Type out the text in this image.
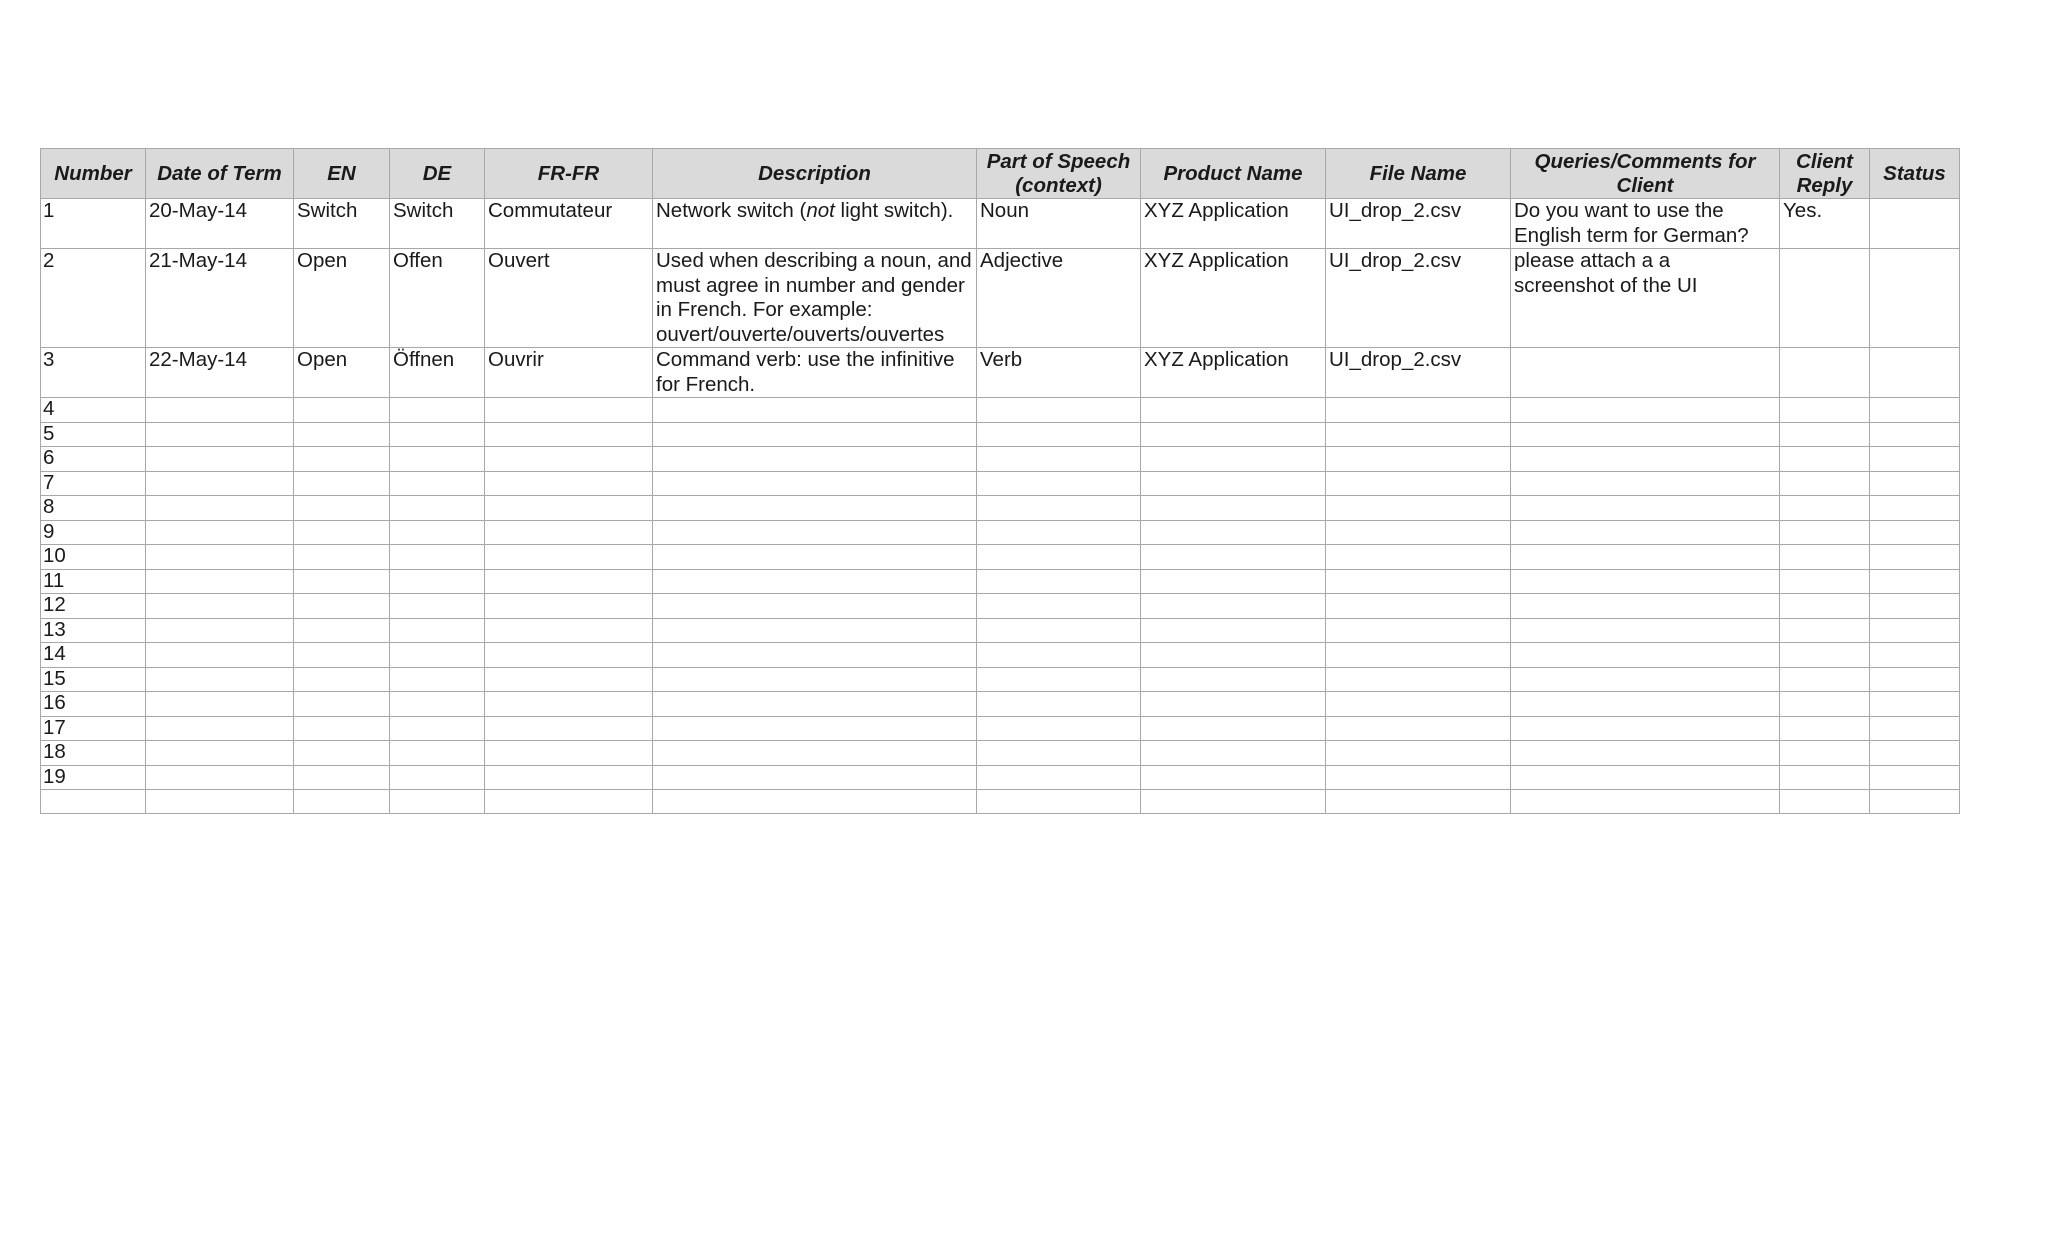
Number	Date of Term	EN	DE	FR-FR	Description	Part of Speech (context)	Product Name	File Name	Queries/Comments for Client	Client Reply	Status
1	20-May-14	Switch	Switch	Commutateur	Network switch (not light switch).	Noun	XYZ Application	UI_drop_2.csv	Do you want to use the English term for German?	Yes.	
2	21-May-14	Open	Offen	Ouvert	Used when describing a noun, and must agree in number and gender in French. For example: ouvert/ouverte/ouverts/ouvertes	Adjective	XYZ Application	UI_drop_2.csv	please attach a a screenshot of the UI		
3	22-May-14	Open	Öffnen	Ouvrir	Command verb: use the infinitive for French.	Verb	XYZ Application	UI_drop_2.csv			
4											
5											
6											
7											
8											
9											
10											
11											
12											
13											
14											
15											
16											
17											
18											
19											
